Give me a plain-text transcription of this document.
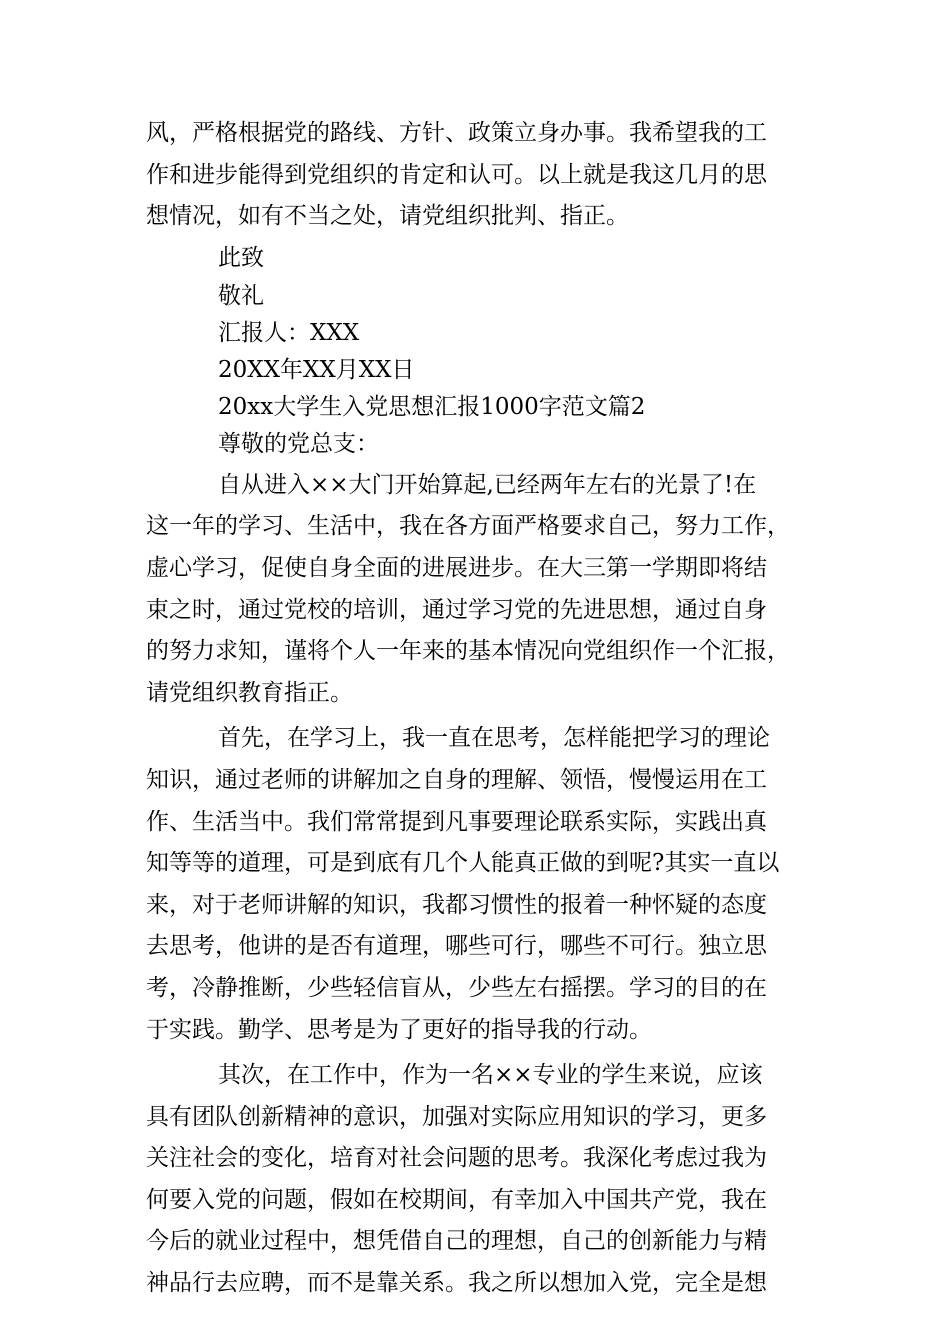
风，严格根据党的路线、方针、政策立身办事。我希望我的工
作和进步能得到党组织的肯定和认可。以上就是我这几月的思
想情况，如有不当之处，请党组织批判、指正。
此致
敬礼
汇报人：XXX
20XX年XX月XX日
20xx大学生入党思想汇报1000字范文篇2
尊敬的党总支：
自从进入××大门开始算起,已经两年左右的光景了!在
这一年的学习、生活中，我在各方面严格要求自己，努力工作，
虚心学习，促使自身全面的进展进步。在大三第一学期即将结
束之时，通过党校的培训，通过学习党的先进思想，通过自身
的努力求知，谨将个人一年来的基本情况向党组织作一个汇报，
请党组织教育指正。
首先，在学习上，我一直在思考，怎样能把学习的理论
知识，通过老师的讲解加之自身的理解、领悟，慢慢运用在工
作、生活当中。我们常常提到凡事要理论联系实际，实践出真
知等等的道理，可是到底有几个人能真正做的到呢?其实一直以
来，对于老师讲解的知识，我都习惯性的报着一种怀疑的态度
去思考，他讲的是否有道理，哪些可行，哪些不可行。独立思
考，冷静推断，少些轻信盲从，少些左右摇摆。学习的目的在
于实践。勤学、思考是为了更好的指导我的行动。
其次，在工作中，作为一名××专业的学生来说，应该
具有团队创新精神的意识，加强对实际应用知识的学习，更多
关注社会的变化，培育对社会问题的思考。我深化考虑过我为
何要入党的问题，假如在校期间，有幸加入中国共产党，我在
今后的就业过程中，想凭借自己的理想，自己的创新能力与精
神品行去应聘，而不是靠关系。我之所以想加入党，完全是想
